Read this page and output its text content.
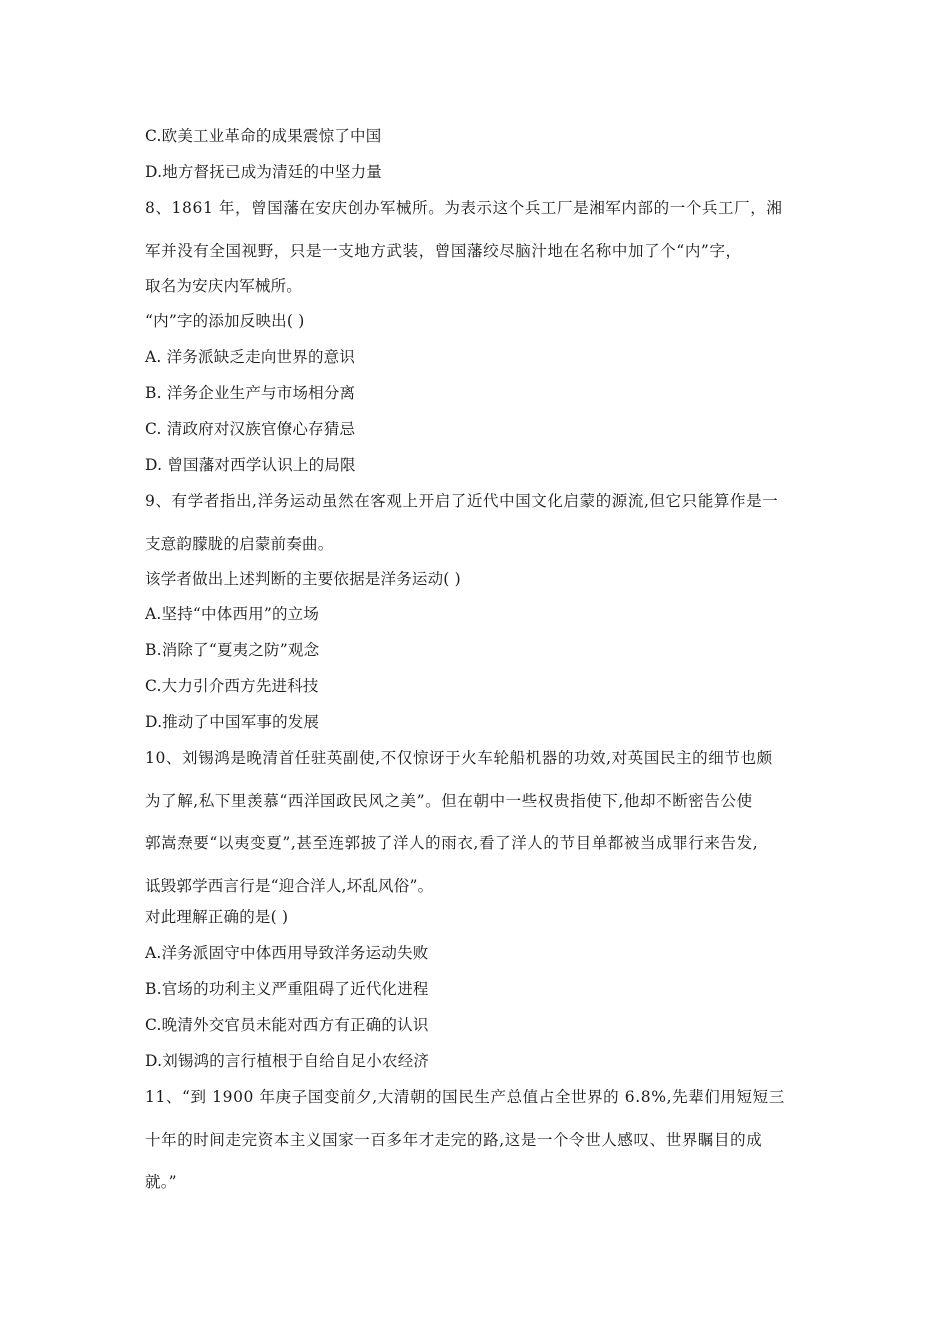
C.欧美工业革命的成果震惊了中国
D.地方督抚已成为清廷的中坚力量
8、1861 年，曾国藩在安庆创办军械所。为表示这个兵工厂是湘军内部的一个兵工厂，湘
军并没有全国视野，只是一支地方武装，曾国藩绞尽脑汁地在名称中加了个“内”字，
取名为安庆内军械所。
“内”字的添加反映出( )
A. 洋务派缺乏走向世界的意识
B. 洋务企业生产与市场相分离
C. 清政府对汉族官僚心存猜忌
D. 曾国藩对西学认识上的局限
9、有学者指出,洋务运动虽然在客观上开启了近代中国文化启蒙的源流,但它只能算作是一
支意韵朦胧的启蒙前奏曲。
该学者做出上述判断的主要依据是洋务运动( )
A.坚持“中体西用”的立场
B.消除了“夏夷之防”观念
C.大力引介西方先进科技
D.推动了中国军事的发展
10、刘锡鸿是晚清首任驻英副使,不仅惊讶于火车轮船机器的功效,对英国民主的细节也颇
为了解,私下里羡慕“西洋国政民风之美”。但在朝中一些权贵指使下,他却不断密告公使
郭嵩焘要“以夷变夏”,甚至连郭披了洋人的雨衣,看了洋人的节目单都被当成罪行来告发,
诋毁郭学西言行是“迎合洋人,坏乱风俗”。
对此理解正确的是( )
A.洋务派固守中体西用导致洋务运动失败
B.官场的功利主义严重阻碍了近代化进程
C.晚清外交官员未能对西方有正确的认识
D.刘锡鸿的言行植根于自给自足小农经济
11、“到 1900 年庚子国变前夕,大清朝的国民生产总值占全世界的 6.8%,先辈们用短短三
十年的时间走完资本主义国家一百多年才走完的路,这是一个令世人感叹、世界瞩目的成
就。”
